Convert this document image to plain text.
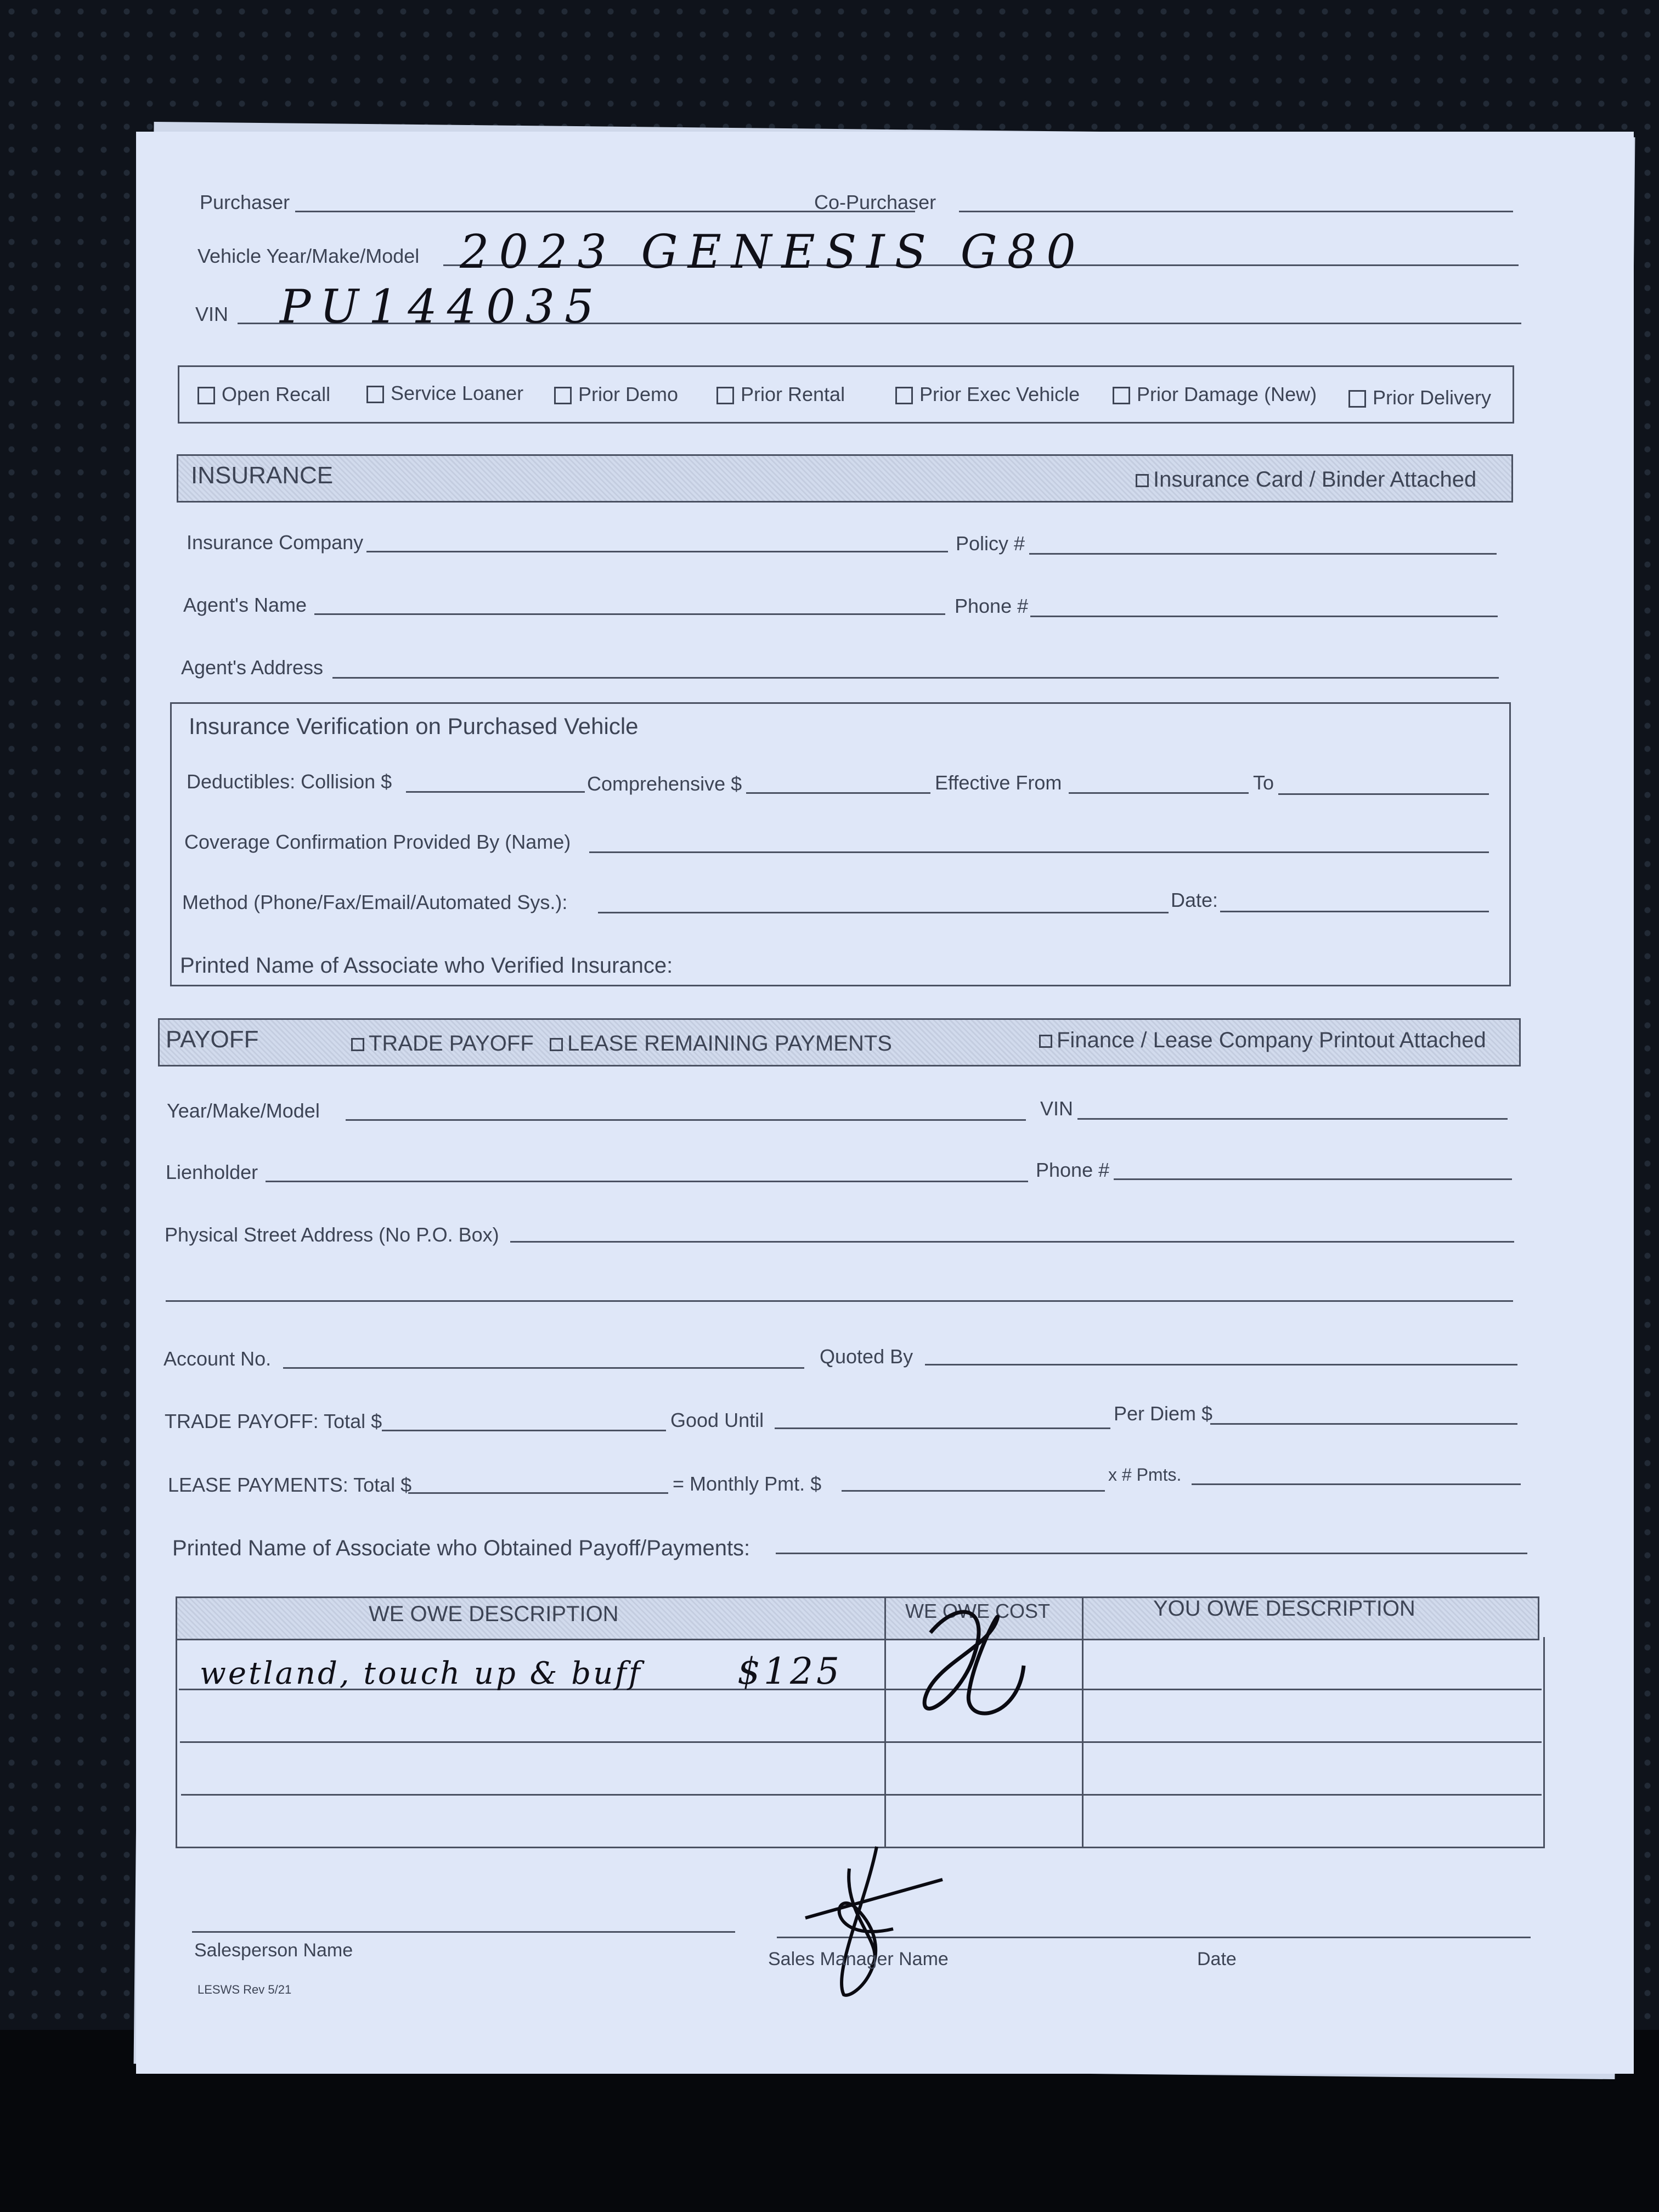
Purchaser	Co-Purchaser
Vehicle Year/Make/Model 2023 GENESIS G80
VIN PU144035
Open Recall	Service Loaner	Prior Demo	Prior Rental	Prior Exec Vehicle	Prior Damage (New)	Prior Delivery
INSURANCE	Insurance Card / Binder Attached
Insurance Company	Policy #
Agent's Name	Phone #
Agent's Address
Insurance Verification on Purchased Vehicle
Deductibles: Collision $	Comprehensive $	Effective From	To
Coverage Confirmation Provided By (Name)
Method (Phone/Fax/Email/Automated Sys.):	Date:
Printed Name of Associate who Verified Insurance:
PAYOFF	TRADE PAYOFF	LEASE REMAINING PAYMENTS	Finance / Lease Company Printout Attached
Year/Make/Model	VIN
Lienholder	Phone #
Physical Street Address (No P.O. Box)
Account No.	Quoted By
TRADE PAYOFF: Total $	Good Until	Per Diem $
LEASE PAYMENTS: Total $	= Monthly Pmt. $	x # Pmts.
Printed Name of Associate who Obtained Payoff/Payments:
WE OWE DESCRIPTION	WE OWE COST	YOU OWE DESCRIPTION
wetland, touch up & buff	$125
Salesperson Name	Sales Manager Name	Date
LESWS Rev 5/21
